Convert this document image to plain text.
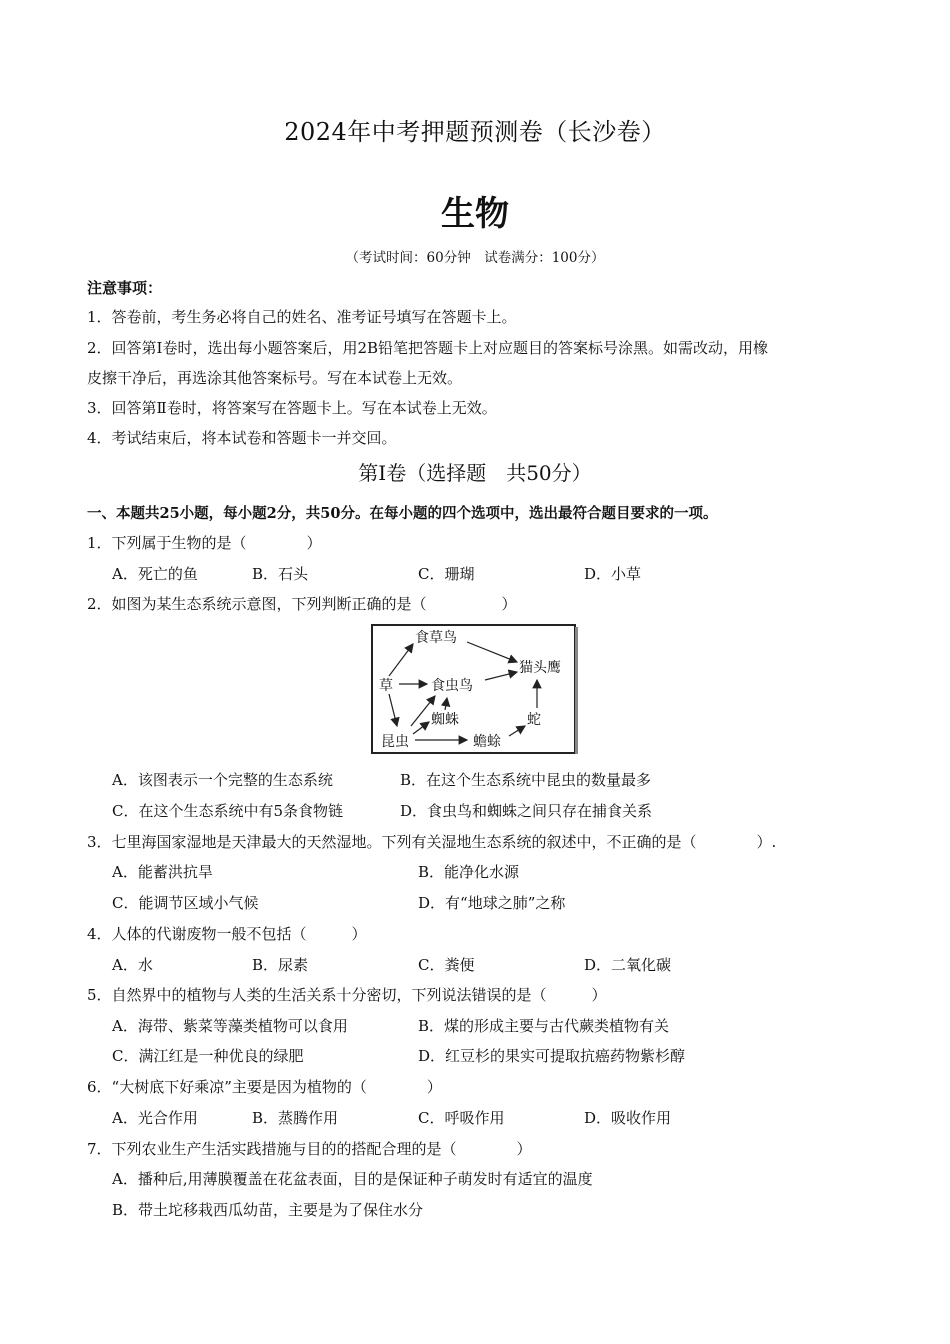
2024年中考押题预测卷（长沙卷）
生物
（考试时间：60分钟　试卷满分：100分）
注意事项：
1．答卷前，考生务必将自己的姓名、准考证号填写在答题卡上。
2．回答第Ⅰ卷时，选出每小题答案后，用2B铅笔把答题卡上对应题目的答案标号涂黑。如需改动，用橡
皮擦干净后，再选涂其他答案标号。写在本试卷上无效。
3．回答第Ⅱ卷时，将答案写在答题卡上。写在本试卷上无效。
4．考试结束后，将本试卷和答题卡一并交回。
第Ⅰ卷（选择题　共50分）
一、本题共25小题，每小题2分，共50分。在每小题的四个选项中，选出最符合题目要求的一项。
1．下列属于生物的是（　　　　）
A．死亡的鱼	B．石头	C．珊瑚	D．小草
2．如图为某生态系统示意图，下列判断正确的是（　　　　　）
食草鸟
草	食虫鸟
猫头鹰
蜘蛛	蛇
昆虫	蟾蜍
A．该图表示一个完整的生态系统	B．在这个生态系统中昆虫的数量最多
C．在这个生态系统中有5条食物链	D．食虫鸟和蜘蛛之间只存在捕食关系
3．七里海国家湿地是天津最大的天然湿地。下列有关湿地生态系统的叙述中，不正确的是（　　　　）.
A．能蓄洪抗旱	B．能净化水源
C．能调节区域小气候	D．有“地球之肺”之称
4．人体的代谢废物一般不包括（　　　）
A．水	B．尿素	C．粪便	D．二氧化碳
5．自然界中的植物与人类的生活关系十分密切，下列说法错误的是（　　　）
A．海带、紫菜等藻类植物可以食用	B．煤的形成主要与古代蕨类植物有关
C．满江红是一种优良的绿肥	D．红豆杉的果实可提取抗癌药物紫杉醇
6．“大树底下好乘凉”主要是因为植物的（　　　　）
A．光合作用	B．蒸腾作用	C．呼吸作用	D．吸收作用
7．下列农业生产生活实践措施与目的的搭配合理的是（　　　　）
A．播种后,用薄膜覆盖在花盆表面，目的是保证种子萌发时有适宜的温度
B．带土坨移栽西瓜幼苗，主要是为了保住水分
